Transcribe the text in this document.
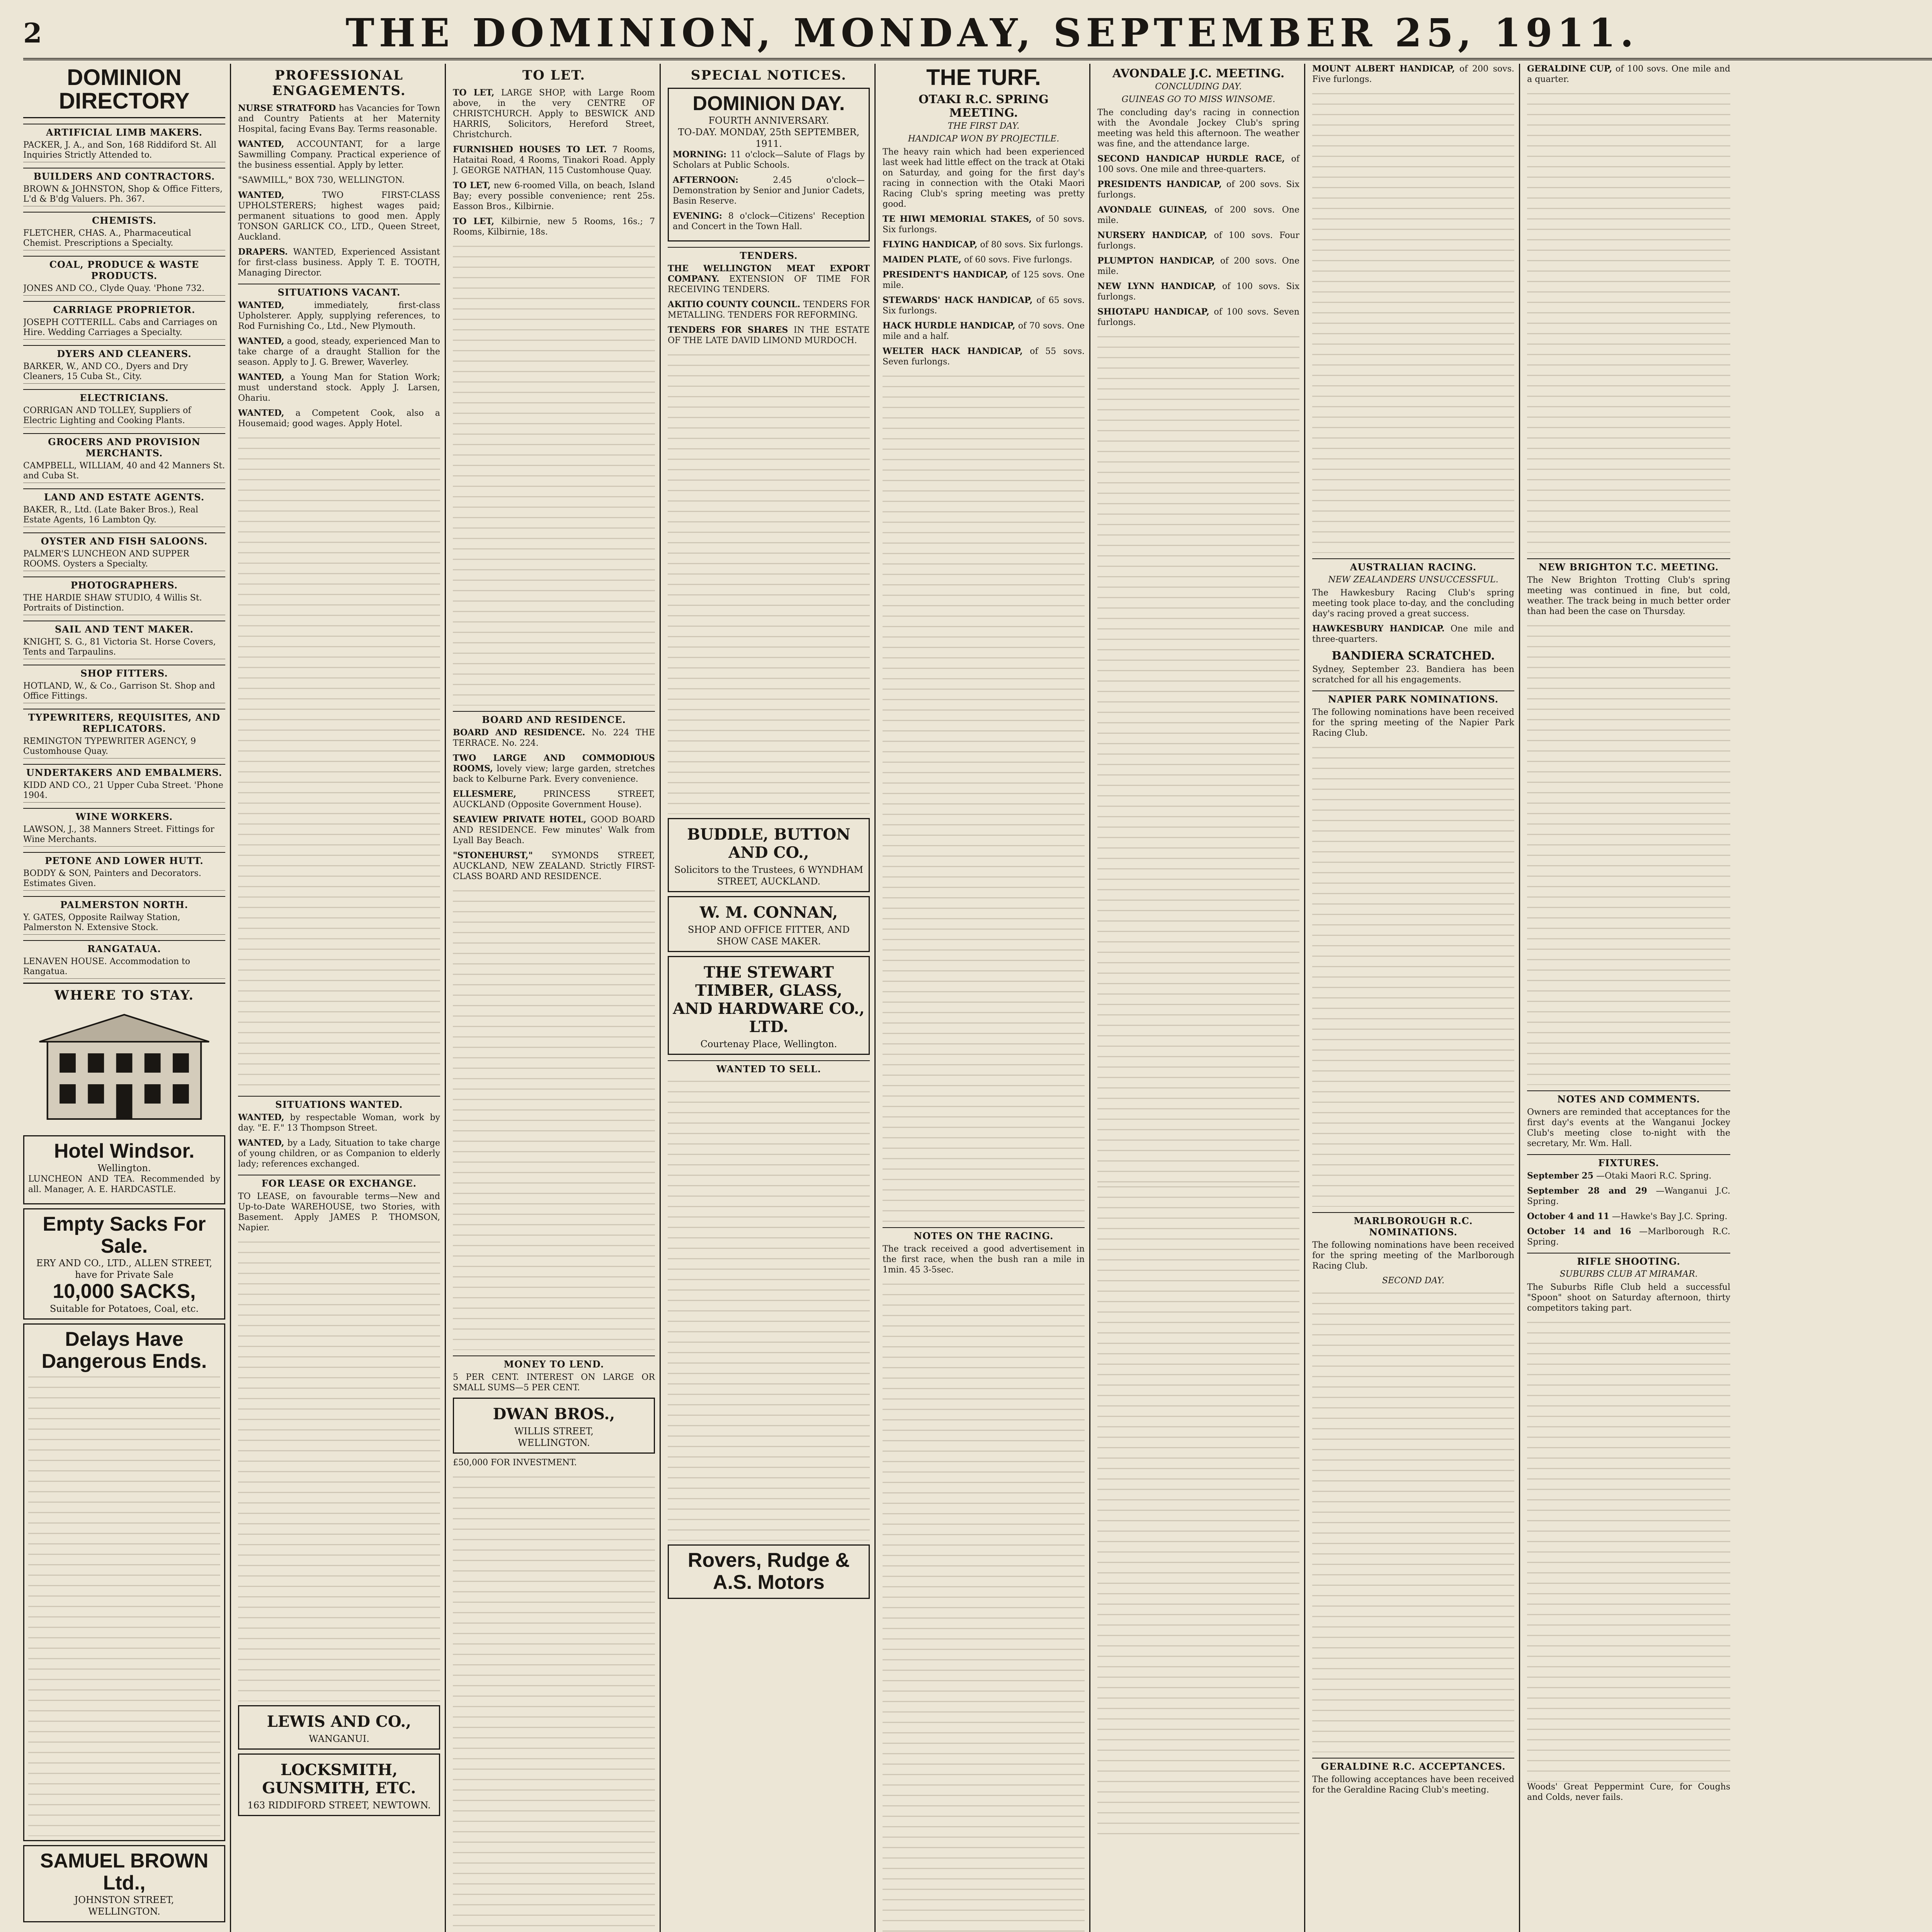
2	THE DOMINION, MONDAY, SEPTEMBER 25, 1911.
DOMINION DIRECTORY
ARTIFICIAL LIMB MAKERS.
PACKER, J. A., and Son, 168 Riddiford St. All Inquiries Strictly Attended to.
BUILDERS AND CONTRACTORS.
BROWN & JOHNSTON, Shop & Office Fitters, L'd & B'dg Valuers. Ph. 367.
CHEMISTS.
FLETCHER, CHAS. A., Pharmaceutical Chemist. Prescriptions a Specialty.
COAL, PRODUCE & WASTE PRODUCTS.
JONES AND CO., Clyde Quay. 'Phone 732.
CARRIAGE PROPRIETOR.
JOSEPH COTTERILL. Cabs and Carriages on Hire. Wedding Carriages a Specialty.
DYERS AND CLEANERS.
BARKER, W., AND CO., Dyers and Dry Cleaners, 15 Cuba St., City.
ELECTRICIANS.
CORRIGAN AND TOLLEY, Suppliers of Electric Lighting and Cooking Plants.
GROCERS AND PROVISION MERCHANTS.
CAMPBELL, WILLIAM, 40 and 42 Manners St. and Cuba St.
LAND AND ESTATE AGENTS.
BAKER, R., Ltd. (Late Baker Bros.), Real Estate Agents, 16 Lambton Qy.
OYSTER AND FISH SALOONS.
PALMER'S LUNCHEON AND SUPPER ROOMS. Oysters a Specialty.
PHOTOGRAPHERS.
THE HARDIE SHAW STUDIO, 4 Willis St. Portraits of Distinction.
SAIL AND TENT MAKER.
KNIGHT, S. G., 81 Victoria St. Horse Covers, Tents and Tarpaulins.
SHOP FITTERS.
HOTLAND, W., & Co., Garrison St. Shop and Office Fittings.
TYPEWRITERS, REQUISITES, AND REPLICATORS.
REMINGTON TYPEWRITER AGENCY, 9 Customhouse Quay.
UNDERTAKERS AND EMBALMERS.
KIDD AND CO., 21 Upper Cuba Street. 'Phone 1904.
WINE WORKERS.
LAWSON, J., 38 Manners Street. Fittings for Wine Merchants.
PETONE AND LOWER HUTT.
BODDY & SON, Painters and Decorators. Estimates Given.
PALMERSTON NORTH.
Y. GATES, Opposite Railway Station, Palmerston N. Extensive Stock.
RANGATAUA.
LENAVEN HOUSE. Accommodation to Rangatua.
WHERE TO STAY.
Hotel Windsor.
Wellington.
LUNCHEON AND TEA. Recommended by all. Manager, A. E. HARDCASTLE.
Empty Sacks For Sale.
ERY AND CO., LTD., ALLEN STREET, have for Private Sale
10,000 SACKS,
Suitable for Potatoes, Coal, etc.
Delays Have Dangerous Ends.
SAMUEL BROWN Ltd.,
JOHNSTON STREET,
WELLINGTON.
PROFESSIONAL ENGAGEMENTS.

NURSE STRATFORD has Vacancies for Town and Country Patients at her Maternity Hospital, facing Evans Bay. Terms reasonable.

WANTED, ACCOUNTANT, for a large Sawmilling Company. Practical experience of the business essential. Apply by letter.

"SAWMILL," BOX 730, WELLINGTON.

WANTED,	TWO FIRST-CLASS UPHOLSTERERS; highest wages paid; permanent situations to good men. Apply TONSON GARLICK CO., LTD., Queen Street, Auckland.

DRAPERS. WANTED, Experienced Assistant for first-class business. Apply T. E. TOOTH, Managing Director.

SITUATIONS VACANT.

WANTED,	immediately, first-class Upholsterer. Apply, supplying references, to Rod Furnishing Co., Ltd., New Plymouth.

WANTED, a good, steady, experienced Man to take charge of a draught Stallion for the season. Apply to J. G. Brewer, Waverley.

WANTED, a Young Man for Station Work; must understand stock. Apply J. Larsen, Ohariu.

WANTED, a Competent Cook, also a Housemaid; good wages. Apply Hotel.

SITUATIONS WANTED.

WANTED, by respectable Woman, work by day. "E. F." 13 Thompson Street.

WANTED, by a Lady, Situation to take charge of young children, or as Companion to elderly lady; references exchanged.

FOR LEASE OR EXCHANGE.
TO LEASE, on favourable terms—New and Up-to-Date WAREHOUSE, two Stories, with Basement. Apply JAMES P. THOMSON, Napier.
LEWIS AND CO.,
WANGANUI.
LOCKSMITH, GUNSMITH, ETC.
163 RIDDIFORD STREET, NEWTOWN.
TO LET.

TO LET, LARGE SHOP, with Large Room above, in the very CENTRE OF CHRISTCHURCH. Apply to BESWICK AND HARRIS, Solicitors, Hereford Street, Christchurch.

FURNISHED HOUSES TO LET. 7 Rooms, Hataitai Road, 4 Rooms, Tinakori Road. Apply J. GEORGE NATHAN, 115 Customhouse Quay.

TO LET, new 6-roomed Villa, on beach, Island Bay; every possible convenience; rent 25s. Easson Bros., Kilbirnie.

TO LET, Kilbirnie, new 5 Rooms, 16s.; 7 Rooms, Kilbirnie, 18s.

BOARD AND RESIDENCE.

BOARD AND RESIDENCE. No. 224 THE TERRACE. No. 224.

TWO LARGE AND COMMODIOUS ROOMS, lovely view; large garden, stretches back to Kelburne Park. Every convenience.

ELLESMERE,	PRINCESS STREET, AUCKLAND (Opposite Government House).

SEAVIEW PRIVATE HOTEL, GOOD BOARD AND RESIDENCE. Few minutes' Walk from Lyall Bay Beach.

"STONEHURST," SYMONDS STREET, AUCKLAND, NEW ZEALAND. Strictly FIRST-CLASS BOARD AND RESIDENCE.

MONEY TO LEND.
5 PER CENT. INTEREST ON LARGE OR SMALL SUMS—5 PER CENT.
DWAN BROS.,
WILLIS STREET,
WELLINGTON.
£50,000 FOR INVESTMENT.
SPECIAL NOTICES.
DOMINION DAY.
FOURTH ANNIVERSARY.
TO-DAY. MONDAY, 25th SEPTEMBER, 1911.

MORNING: 11 o'clock—Salute of Flags by Scholars at Public Schools.

AFTERNOON:	2.45 o'clock—Demonstration by Senior and Junior Cadets, Basin Reserve.

EVENING: 8 o'clock—Citizens' Reception and Concert in the Town Hall.

TENDERS.

THE WELLINGTON MEAT EXPORT COMPANY. EXTENSION OF TIME FOR RECEIVING TENDERS.

AKITIO COUNTY COUNCIL. TENDERS FOR METALLING. TENDERS FOR REFORMING.

TENDERS FOR SHARES IN THE ESTATE OF THE LATE DAVID LIMOND MURDOCH.

BUDDLE, BUTTON AND CO.,
Solicitors to the Trustees, 6 WYNDHAM STREET, AUCKLAND.
W. M. CONNAN,
SHOP AND OFFICE FITTER, AND SHOW CASE MAKER.
THE STEWART TIMBER, GLASS, AND HARDWARE CO., LTD.
Courtenay Place, Wellington.
WANTED TO SELL.
Rovers, Rudge & A.S. Motors
THE TURF.
OTAKI R.C. SPRING MEETING.
THE FIRST DAY.
HANDICAP WON BY PROJECTILE.
The heavy rain which had been experienced last week had little effect on the track at Otaki on Saturday, and going for the first day's racing in connection with the Otaki Maori Racing Club's spring meeting was pretty good.

TE HIWI MEMORIAL STAKES, of 50 sovs. Six furlongs.

FLYING HANDICAP, of 80 sovs. Six furlongs.

MAIDEN PLATE, of 60 sovs. Five furlongs.

PRESIDENT'S HANDICAP, of 125 sovs. One mile.

STEWARDS' HACK HANDICAP, of 65 sovs. Six furlongs.

HACK HURDLE HANDICAP, of 70 sovs. One mile and a half.

WELTER HACK HANDICAP, of 55 sovs. Seven furlongs.

NOTES ON THE RACING.
The track received a good advertisement in the first race, when the bush ran a mile in 1min. 45 3-5sec.
AVONDALE J.C. MEETING.
CONCLUDING DAY.
GUINEAS GO TO MISS WINSOME.
The concluding day's racing in connection with the Avondale Jockey Club's spring meeting was held this afternoon. The weather was fine, and the attendance large.

SECOND HANDICAP HURDLE RACE, of 100 sovs. One mile and three-quarters.

PRESIDENTS HANDICAP, of 200 sovs. Six furlongs.

AVONDALE GUINEAS, of 200 sovs. One mile.

NURSERY HANDICAP, of 100 sovs. Four furlongs.

PLUMPTON HANDICAP, of 200 sovs. One mile.

NEW LYNN HANDICAP, of 100 sovs. Six furlongs.

SHIOTAPU HANDICAP, of 100 sovs. Seven furlongs.

MOUNT ALBERT HANDICAP, of 200 sovs. Five furlongs.

AUSTRALIAN RACING.
NEW ZEALANDERS UNSUCCESSFUL.
The Hawkesbury Racing Club's spring meeting took place to-day, and the concluding day's racing proved a great success.

HAWKESBURY HANDICAP. One mile and three-quarters.

BANDIERA SCRATCHED.
Sydney, September 23. Bandiera has been scratched for all his engagements.
NAPIER PARK NOMINATIONS.
The following nominations have been received for the spring meeting of the Napier Park Racing Club.
MARLBOROUGH R.C. NOMINATIONS.
The following nominations have been received for the spring meeting of the Marlborough Racing Club.
SECOND DAY.
GERALDINE R.C. ACCEPTANCES.
The following acceptances have been received for the Geraldine Racing Club's meeting.

GERALDINE CUP, of 100 sovs. One mile and a quarter.

NEW BRIGHTON T.C. MEETING.
The New Brighton Trotting Club's spring meeting was continued in fine, but cold, weather. The track being in much better order than had been the case on Thursday.
NOTES AND COMMENTS.
Owners are reminded that acceptances for the first day's events at the Wanganui Jockey Club's meeting close to-night with the secretary, Mr. Wm. Hall.
FIXTURES.

September 25 —Otaki Maori R.C. Spring.

September 28 and 29 —Wanganui J.C. Spring.

October 4 and 11 —Hawke's Bay J.C. Spring.

October 14 and 16 —Marlborough R.C. Spring.

RIFLE SHOOTING.
SUBURBS CLUB AT MIRAMAR.
The Suburbs Rifle Club held a successful "Spoon" shoot on Saturday afternoon, thirty competitors taking part.
Woods' Great Peppermint Cure, for Coughs and Colds, never fails.
